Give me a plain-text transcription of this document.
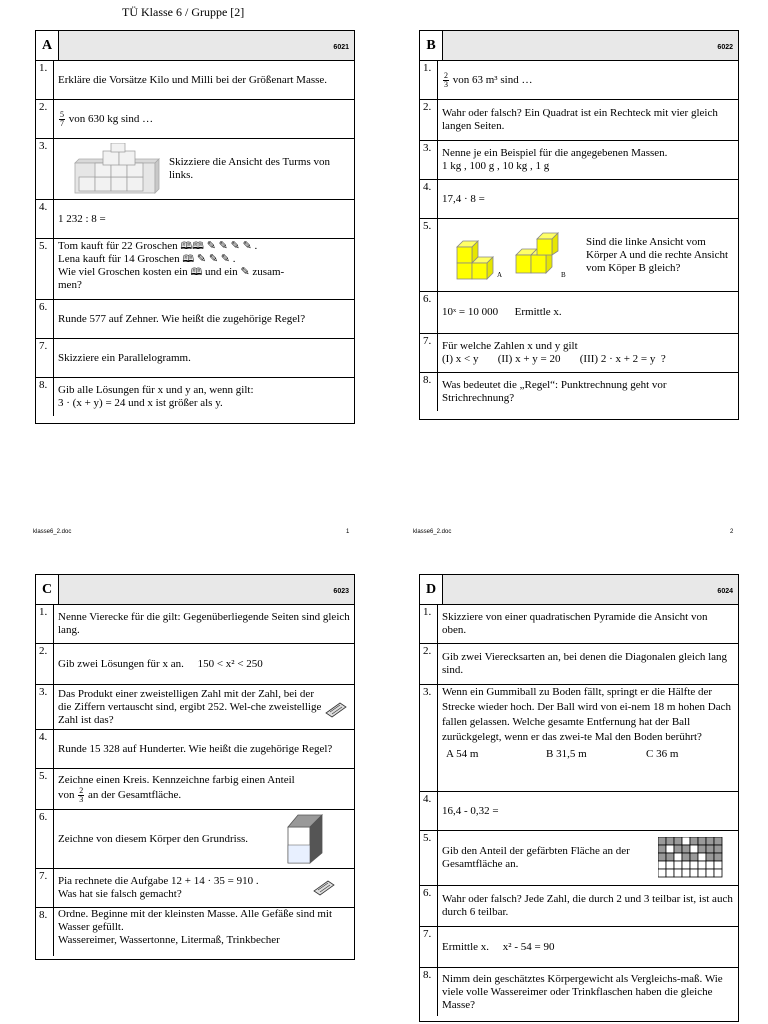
TÜ Klasse 6 / Gruppe [2]
A	6021
1.
Erkläre die Vorsätze Kilo und Milli bei der Größenart Masse.
2.
$\frac{5}{7}$ von 630 kg sind …
3.
Skizziere die Ansicht des Turms von links.
4.
1 232 : 8 =
5. Tom kauft für 22 Groschen 🕮🕮 ✎ ✎ ✎ ✎ .
Lena kauft für 14 Groschen 🕮 ✎ ✎ ✎ .
Wie viel Groschen kosten ein 🕮 und ein ✎ zusam-
men?
6.
Runde 577 auf Zehner. Wie heißt die zugehörige Regel?
7.
Skizziere ein Parallelogramm.
8. Gib alle Lösungen für x und y an, wenn gilt:
3 · (x + y) = 24 und x ist größer als y.
B	6022
1.
$\frac{2}{3}$ von 63 m³ sind …
2. Wahr oder falsch? Ein Quadrat ist ein Rechteck mit vier gleich langen Seiten.
3. Nenne je ein Beispiel für die angegebenen Massen.
1 kg , 100 g , 10 kg , 1 g
4.
17,4 · 8 =
5.
A	B
Sind die linke Ansicht vom Körper A und die rechte Ansicht vom Köper B gleich?
6.
10ˣ = 10 000 Ermittle x.
7. Für welche Zahlen x und y gilt
(I) x < y       (II) x + y = 20       (III) 2 · x + 2 = y  ?
8. Was bedeutet die „Regel“: Punktrechnung geht vor Strichrechnung?
klasse6_2.doc	1	klasse6_2.doc	2
C	6023
1. Nenne Vierecke für die gilt: Gegenüberliegende Seiten sind gleich lang.
2.
Gib zwei Lösungen für x an.     150 < x² < 250
3. Das Produkt einer zweistelligen Zahl mit der Zahl, bei der die Ziffern vertauscht sind, ergibt 252. Wel-che zweistellige Zahl ist das?
4.
Runde 15 328 auf Hunderter. Wie heißt die zugehörige Regel?
5. Zeichne einen Kreis. Kennzeichne farbig einen Anteil
von $\frac{2}{3}$ an der Gesamtfläche.
6.
Zeichne von diesem Körper den Grundriss.
7. Pia rechnete die Aufgabe 12 + 14 · 35 = 910 .
Was hat sie falsch gemacht?
8. Ordne. Beginne mit der kleinsten Masse. Alle Gefäße sind mit Wasser gefüllt.
Wassereimer, Wassertonne, Litermaß, Trinkbecher
D	6024
1. Skizziere von einer quadratischen Pyramide die Ansicht von oben.
2. Gib zwei Vierecksarten an, bei denen die Diagonalen gleich lang sind.
3. Wenn ein Gummiball zu Boden fällt, springt er die Hälfte der Strecke wieder hoch. Der Ball wird von ei-nem 18 m hohen Dach fallen gelassen. Welche gesamte Entfernung hat der Ball zurückgelegt, wenn er das zwei-te Mal den Boden berührt?
A 54 m	B 31,5 m	C 36 m
4.
16,4 - 0,32 =
5.
Gib den Anteil der gefärbten Fläche an der Gesamtfläche an.
6. Wahr oder falsch? Jede Zahl, die durch 2 und 3 teilbar ist, ist auch durch 6 teilbar.
7.
Ermittle x. x² - 54 = 90
8. Nimm dein geschätztes Körpergewicht als Vergleichs-maß. Wie viele volle Wassereimer oder Trinkflaschen haben die gleiche Masse?
